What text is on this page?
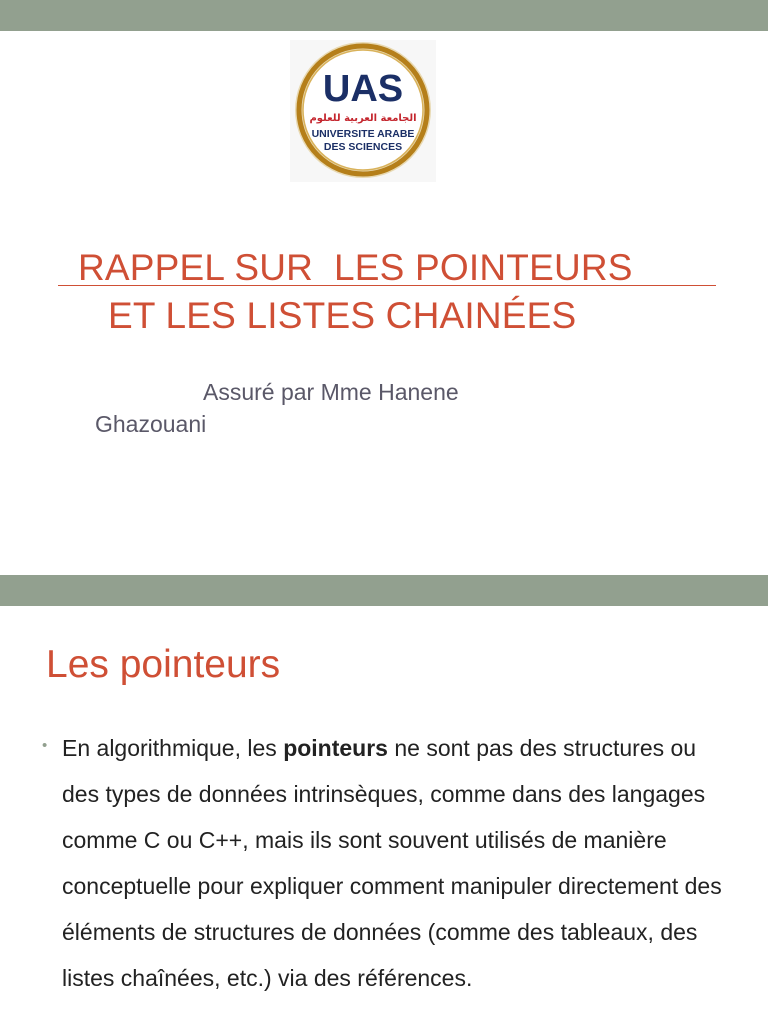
UAS
الجامعة العربية للعلوم
UNIVERSITE ARABE
DES SCIENCES
RAPPEL SUR  LES POINTEURS
ET LES LISTES CHAINÉES

Assuré par Mme Hanene Ghazouani

Les pointeurs
• En algorithmique, les pointeurs ne sont pas des structures ou des types de données intrinsèques, comme dans des langages comme C ou C++, mais ils sont souvent utilisés de manière conceptuelle pour expliquer comment manipuler directement des éléments de structures de données (comme des tableaux, des listes chaînées, etc.) via des références.
